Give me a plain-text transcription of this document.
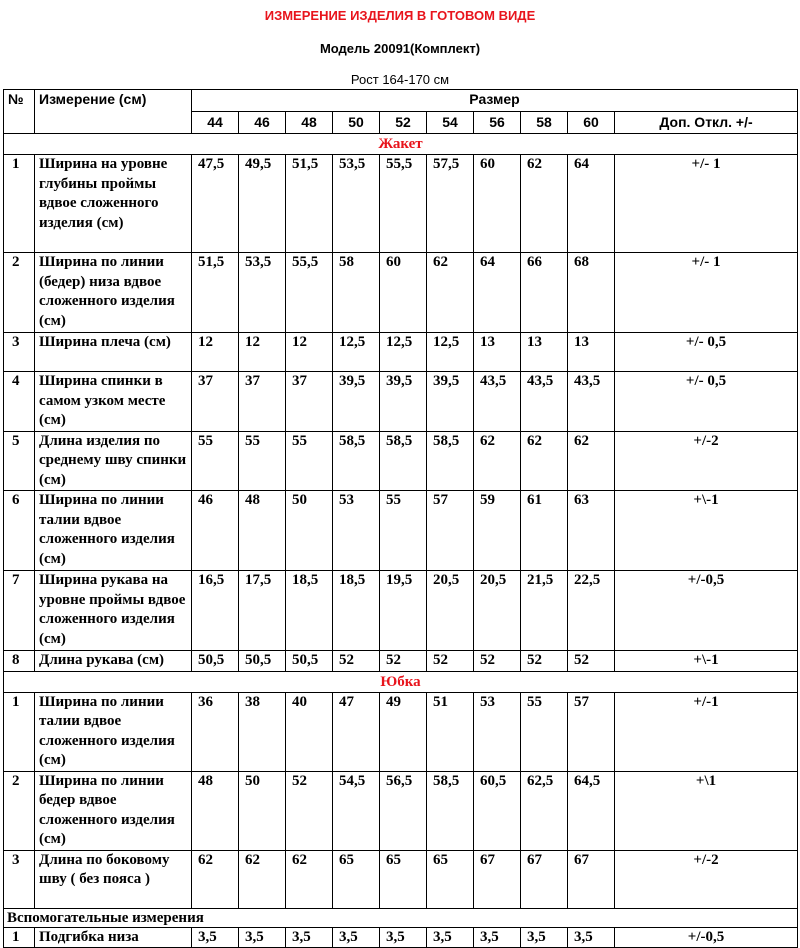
ИЗМЕРЕНИЕ ИЗДЕЛИЯ В ГОТОВОМ ВИДЕ
Модель 20091(Комплект)
Рост 164-170 см
№	Измерение (см)	Размер									
		44	46	48	50	52	54	56	58	60	Доп. Откл. +/-
Жакет											
1	Ширина на уровне глубины проймы вдвое сложенного изделия (см)	47,5	49,5	51,5	53,5	55,5	57,5	60	62	64	+/- 1
2	Ширина по линии (бедер) низа вдвое сложенного изделия (см)	51,5	53,5	55,5	58	60	62	64	66	68	+/- 1
3	Ширина плеча (см)	12	12	12	12,5	12,5	12,5	13	13	13	+/- 0,5
4	Ширина спинки в самом узком месте (см)	37	37	37	39,5	39,5	39,5	43,5	43,5	43,5	+/- 0,5
5	Длина изделия по среднему шву спинки (см)	55	55	55	58,5	58,5	58,5	62	62	62	+/-2
6	Ширина по линии талии вдвое сложенного изделия (см)	46	48	50	53	55	57	59	61	63	+\-1
7	Ширина рукава на уровне проймы вдвое сложенного изделия (см)	16,5	17,5	18,5	18,5	19,5	20,5	20,5	21,5	22,5	+/-0,5
8	Длина рукава (см)	50,5	50,5	50,5	52	52	52	52	52	52	+\-1
Юбка											
1	Ширина по линии талии вдвое сложенного изделия (см)	36	38	40	47	49	51	53	55	57	+/-1
2	Ширина по линии бедер вдвое сложенного изделия (см)	48	50	52	54,5	56,5	58,5	60,5	62,5	64,5	+\1
3	Длина по боковому шву ( без пояса )	62	62	62	65	65	65	67	67	67	+/-2
Вспомогательные измерения											
1	Подгибка низа	3,5	3,5	3,5	3,5	3,5	3,5	3,5	3,5	3,5	+/-0,5
